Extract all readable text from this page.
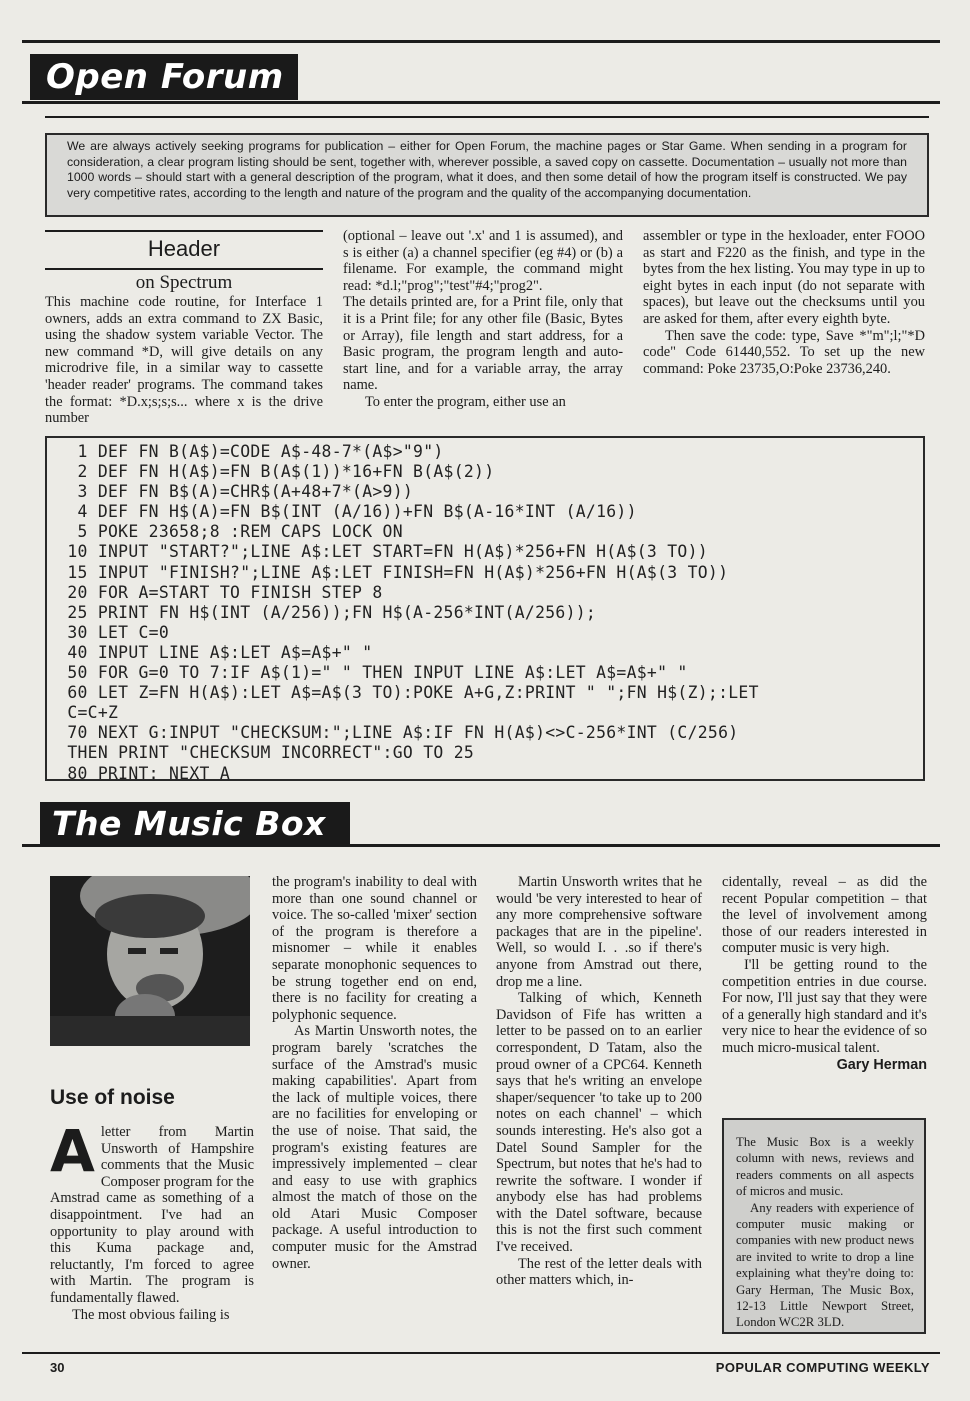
Open Forum
We are always actively seeking programs for publication – either for Open Forum, the machine pages or Star Game. When sending in a program for consideration, a clear program listing should be sent, together with, wherever possible, a saved copy on cassette. Documentation – usually not more than 1000 words – should start with a general description of the program, what it does, and then some detail of how the program itself is constructed. We pay very competitive rates, according to the length and nature of the program and the quality of the accompanying documentation.
Header
on Spectrum

This machine code routine, for Interface 1 owners, adds an extra command to ZX Basic, using the shadow system variable Vector. The new command *D, will give details on any microdrive file, in a similar way to cassette 'header reader' programs. The command takes the format: *D.x;s;s;s... where x is the drive number

(optional – leave out '.x' and 1 is assumed), and s is either (a) a channel specifier (eg #4) or (b) a filename. For example, the command might read: *d.l;"prog";"test"#4;"prog2".

The details printed are, for a Print file, only that it is a Print file; for any other file (Basic, Bytes or Array), file length and start address, for a Basic program, the program length and auto-start line, and for a variable array, the array name.

To enter the program, either use an

assembler or type in the hexloader, enter FOOO as start and F220 as the finish, and type in the bytes from the hex listing. You may type in up to eight bytes in each input (do not separate with spaces), but leave out the checksums until you are asked for them, after every eighth byte.

Then save the code: type, Save *"m";l;"*D code" Code 61440,552. To set up the new command: Poke 23735,O:Poke 23736,240.

1 DEF FN B(A$)=CODE A$-48-7*(A$>"9")
2 DEF FN H(A$)=FN B(A$(1))*16+FN B(A$(2))
3 DEF FN B$(A)=CHR$(A+48+7*(A>9))
4 DEF FN H$(A)=FN B$(INT (A/16))+FN B$(A-16*INT (A/16))
5 POKE 23658;8 :REM CAPS LOCK ON
10 INPUT "START?";LINE A$:LET START=FN H(A$)*256+FN H(A$(3 TO))
15 INPUT "FINISH?";LINE A$:LET FINISH=FN H(A$)*256+FN H(A$(3 TO))
20 FOR A=START TO FINISH STEP 8
25 PRINT FN H$(INT (A/256));FN H$(A-256*INT(A/256));
30 LET C=0
40 INPUT LINE A$:LET A$=A$+" "
50 FOR G=0 TO 7:IF A$(1)=" " THEN INPUT LINE A$:LET A$=A$+" "
60 LET Z=FN H(A$):LET A$=A$(3 TO):POKE A+G,Z:PRINT " ";FN H$(Z);:LET
C=C+Z
70 NEXT G:INPUT "CHECKSUM:";LINE A$:IF FN H(A$)<>C-256*INT (C/256)
THEN PRINT "CHECKSUM INCORRECT":GO TO 25
80 PRINT: NEXT A
The Music Box
Use of noise

Aletter from Martin Unsworth of Hampshire comments that the Music Composer program for the Amstrad came as something of a disappointment. I've had an opportunity to play around with this Kuma package and, reluctantly, I'm forced to agree with Martin. The program is fundamentally flawed.

The most obvious failing is

the program's inability to deal with more than one sound channel or voice. The so-called 'mixer' section of the program is therefore a misnomer – while it enables separate monophonic sequences to be strung together end on end, there is no facility for creating a polyphonic sequence.

As Martin Unsworth notes, the program barely 'scratches the surface of the Amstrad's music making capabilities'. Apart from the lack of multiple voices, there are no facilities for enveloping or the use of noise. That said, the program's existing features are impressively implemented – clear and easy to use with graphics almost the match of those on the old Atari Music Composer package. A useful introduction to computer music for the Amstrad owner.

Martin Unsworth writes that he would 'be very interested to hear of any more comprehensive software packages that are in the pipeline'. Well, so would I. . .so if there's anyone from Amstrad out there, drop me a line.

Talking of which, Kenneth Davidson of Fife has written a letter to be passed on to an earlier correspondent, D Tatam, also the proud owner of a CPC64. Kenneth says that he's writing an envelope shaper/sequencer 'to take up to 200 notes on each channel' – which sounds interesting. He's also got a Datel Sound Sampler for the Spectrum, but notes that he's had to rewrite the software. I wonder if anybody else has had problems with the Datel software, because this is not the first such comment I've received.

The rest of the letter deals with other matters which, in-

cidentally, reveal – as did the recent Popular competition – that the level of involvement among those of our readers interested in computer music is very high.

I'll be getting round to the competition entries in due course. For now, I'll just say that they were of a generally high standard and it's very nice to hear the evidence of so much micro-musical talent.

Gary Herman

The Music Box is a weekly column with news, reviews and readers comments on all aspects of micros and music.

Any readers with experience of computer music making or companies with new product news are invited to write to drop a line explaining what they're doing to: Gary Herman, The Music Box, 12-13 Little Newport Street, London WC2R 3LD.

30	POPULAR COMPUTING WEEKLY
